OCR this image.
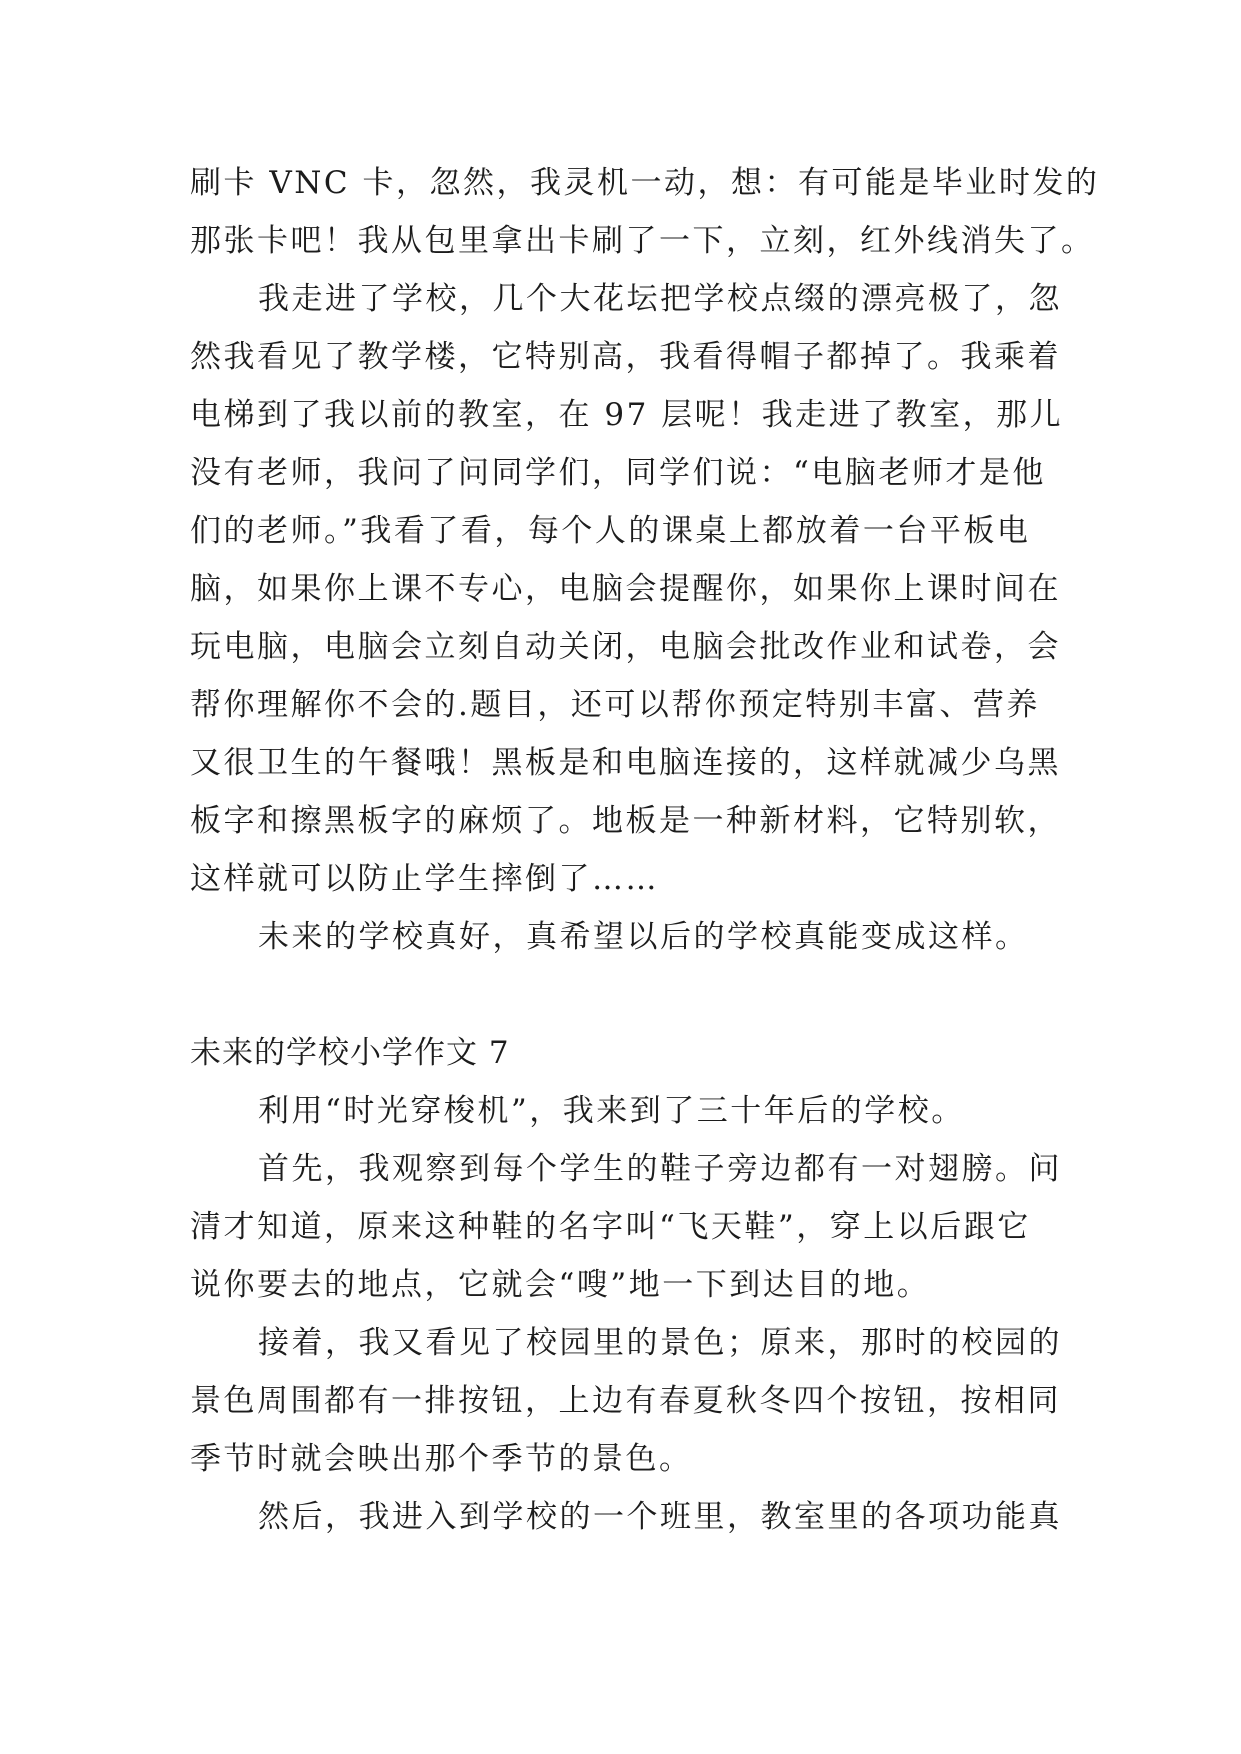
刷卡 VNC 卡，忽然，我灵机一动，想：有可能是毕业时发的
那张卡吧！我从包里拿出卡刷了一下，立刻，红外线消失了。
我走进了学校，几个大花坛把学校点缀的漂亮极了，忽
然我看见了教学楼，它特别高，我看得帽子都掉了。我乘着
电梯到了我以前的教室，在 97 层呢！我走进了教室，那儿
没有老师，我问了问同学们，同学们说：“电脑老师才是他
们的老师。”我看了看，每个人的课桌上都放着一台平板电
脑，如果你上课不专心，电脑会提醒你，如果你上课时间在
玩电脑，电脑会立刻自动关闭，电脑会批改作业和试卷，会
帮你理解你不会的.题目，还可以帮你预定特别丰富、营养
又很卫生的午餐哦！黑板是和电脑连接的，这样就减少乌黑
板字和擦黑板字的麻烦了。地板是一种新材料，它特别软，
这样就可以防止学生摔倒了……
未来的学校真好，真希望以后的学校真能变成这样。
未来的学校小学作文 7
利用“时光穿梭机”，我来到了三十年后的学校。
首先，我观察到每个学生的鞋子旁边都有一对翅膀。问
清才知道，原来这种鞋的名字叫“飞天鞋”，穿上以后跟它
说你要去的地点，它就会“嗖”地一下到达目的地。
接着，我又看见了校园里的景色；原来，那时的校园的
景色周围都有一排按钮，上边有春夏秋冬四个按钮，按相同
季节时就会映出那个季节的景色。
然后，我进入到学校的一个班里，教室里的各项功能真
